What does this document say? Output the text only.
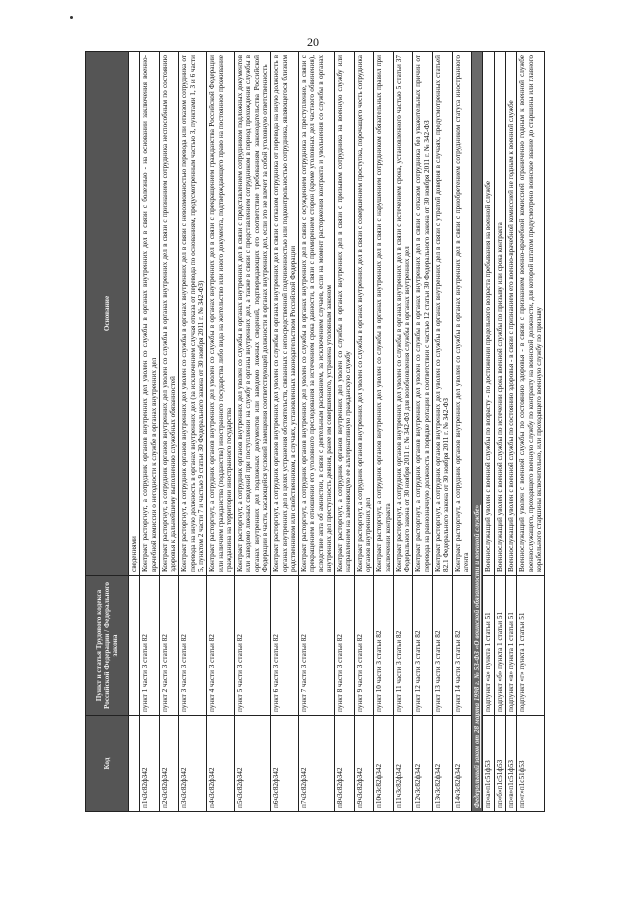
20
Код	Пункт и статья Трудового кодекса Российской Федерации / Федерального закона	Основание
		сведениями
п1ч3с82ф342	пункт 1 части 3 статьи 82	Контракт расторгнут, а сотрудник органов внутренних дел уволен со службы в органах внутренних дел в связи с болезнью - на основании заключения военно-врачебной комиссии о негодности к службе в органах внутренних дел
п2ч3с82ф342	пункт 2 части 3 статьи 82	Контракт расторгнут, а сотрудник органов внутренних дел уволен со службы в органах внутренних дел в связи с признанием сотрудника неспособным по состоянию здоровья к дальнейшему выполнению служебных обязанностей
п3ч3с82ф342	пункт 3 части 3 статьи 82	Контракт расторгнут, а сотрудник органов внутренних дел уволен со службы в органах внутренних дел в связи с невозможностью перевода или отказом сотрудника от перевода на иную должность в органах внутренних дел (за исключением случая отказа от перевода по основаниям, предусмотренным частью 3, пунктами 1, 3 и 6 части 5, пунктом 2 части 7 и частью 9 статьи 30 Федерального закона от 30 ноября 2011 г. № 342-ФЗ)
п4ч3с82ф342	пункт 4 части 3 статьи 82	Контракт расторгнут, а сотрудник органов внутренних дел уволен со службы в органах внутренних дел в связи с прекращением гражданства Российской Федерации или наличием гражданства (подданства) иностранного государства либо вида на жительство или иного документа, подтверждающего право на постоянное проживание гражданина на территории иностранного государства
п5ч3с82ф342	пункт 5 части 3 статьи 82	Контракт расторгнут, а сотрудник органов внутренних дел уволен со службы в органах внутренних дел в связи с представлением сотрудником подложных документов или заведомо ложных сведений при поступлении на службу в органы внутренних дел, а также в связи с представлением сотрудником в период прохождения службы в органах внутренних дел подложных документов или заведомо ложных сведений, подтверждающих его соответствие требованиям законодательства Российской Федерации в части, касающейся условий замещения соответствующей должности в органах внутренних дел, если это не влечет за собой уголовную ответственность
п6ч3с82ф342	пункт 6 части 3 статьи 82	Контракт расторгнут, а сотрудник органов внутренних дел уволен со службы в органах внутренних дел в связи с отказом сотрудника от перевода на иную должность в органах внутренних дел в целях устранения обстоятельств, связанных с непосредственной подчиненностью или подконтрольностью сотрудника, являющегося близким родственником или свойственником, в случаях, установленных законодательством Российской Федерации
п7ч3с82ф342	пункт 7 части 3 статьи 82	Контракт расторгнут, а сотрудник органов внутренних дел уволен со службы в органах внутренних дел в связи с осуждением сотрудника за преступление, в связи с прекращением в отношении его уголовного преследования за истечением срока давности, в связи с примирением сторон (кроме уголовных дел частного обвинения), вследствие акта об амнистии, в связи с деятельным раскаянием, за исключением случаев, если на момент расторжения контракта и увольнения со службы в органах внутренних дел преступность деяния, ранее им совершенного, устранена уголовным законом
п8ч3с82ф342	пункт 8 части 3 статьи 82	Контракт расторгнут, а сотрудник органов внутренних дел уволен со службы в органах внутренних дел в связи с призывом сотрудника на военную службу или направлением на заменяющую ее альтернативную гражданскую службу
п9ч3с82ф342	пункт 9 части 3 статьи 82	Контракт расторгнут, а сотрудник органов внутренних дел уволен со службы в органах внутренних дел в связи с совершением проступка, порочащего честь сотрудника органов внутренних дел
п10ч3с82ф342	пункт 10 части 3 статьи 82	Контракт расторгнут, а сотрудник органов внутренних дел уволен со службы в органах внутренних дел в связи с нарушением сотрудником обязательных правил при заключении контракта
п11ч3с82ф342	пункт 11 части 3 статьи 82	Контракт расторгнут, а сотрудник органов внутренних дел уволен со службы в органах внутренних дел в связи с истечением срока, установленного частью 5 статьи 37 Федерального закона от 30 ноября 2011 г. № 342-ФЗ для возобновления службы в органах внутренних дел
п12ч3с82ф342	пункт 12 части 3 статьи 82	Контракт расторгнут, а сотрудник органов внутренних дел уволен со службы в органах внутренних дел в связи с отказом сотрудника без уважительных причин от перевода на равнозначную должность в порядке ротации в соответствии с частью 12 статьи 30 Федерального закона от 30 ноября 2011 г. № 342-ФЗ
п13ч3с82ф342	пункт 13 части 3 статьи 82	Контракт расторгнут, а сотрудник органов внутренних дел уволен со службы в органах внутренних дел в связи с утратой доверия в случаях, предусмотренных статьей 82.1 Федерального закона от 30 ноября 2011 г. № 342-ФЗ
п14ч3с82ф342	пункт 14 части 3 статьи 82	Контракт расторгнут, а сотрудник органов внутренних дел уволен со службы в органах внутренних дел в связи с приобретением сотрудником статуса иностранного агента
Федеральный закон от 28 марта 1998 г. № 53-ФЗ «О воинской обязанности и военной службе»		
пп«а»п1с51ф53	подпункт «а» пункта 1 статьи 51	Военнослужащий уволен с военной службы по возрасту - по достижении предельного возраста пребывания на военной службе
пп«б»п1с51ф53	подпункт «б» пункта 1 статьи 51	Военнослужащий уволен с военной службы по истечении срока военной службы по призыву или срока контракта
пп«в»п1с51ф53	подпункт «в» пункта 1 статьи 51	Военнослужащий уволен с военной службы по состоянию здоровья - в связи с признанием его военно-врачебной комиссией не годным к военной службе
пп«г»п1с51ф53	подпункт «г» пункта 1 статьи 51	Военнослужащий уволен с военной службы по состоянию здоровья - в связи с признанием военно-врачебной комиссией ограниченно годным к военной службе военнослужащего, проходящего военную службу по контракту на воинской должности, для которой штатом предусмотрено воинское звание до старшины или главного корабельного старшины включительно, или проходящего военную службу по призыву
